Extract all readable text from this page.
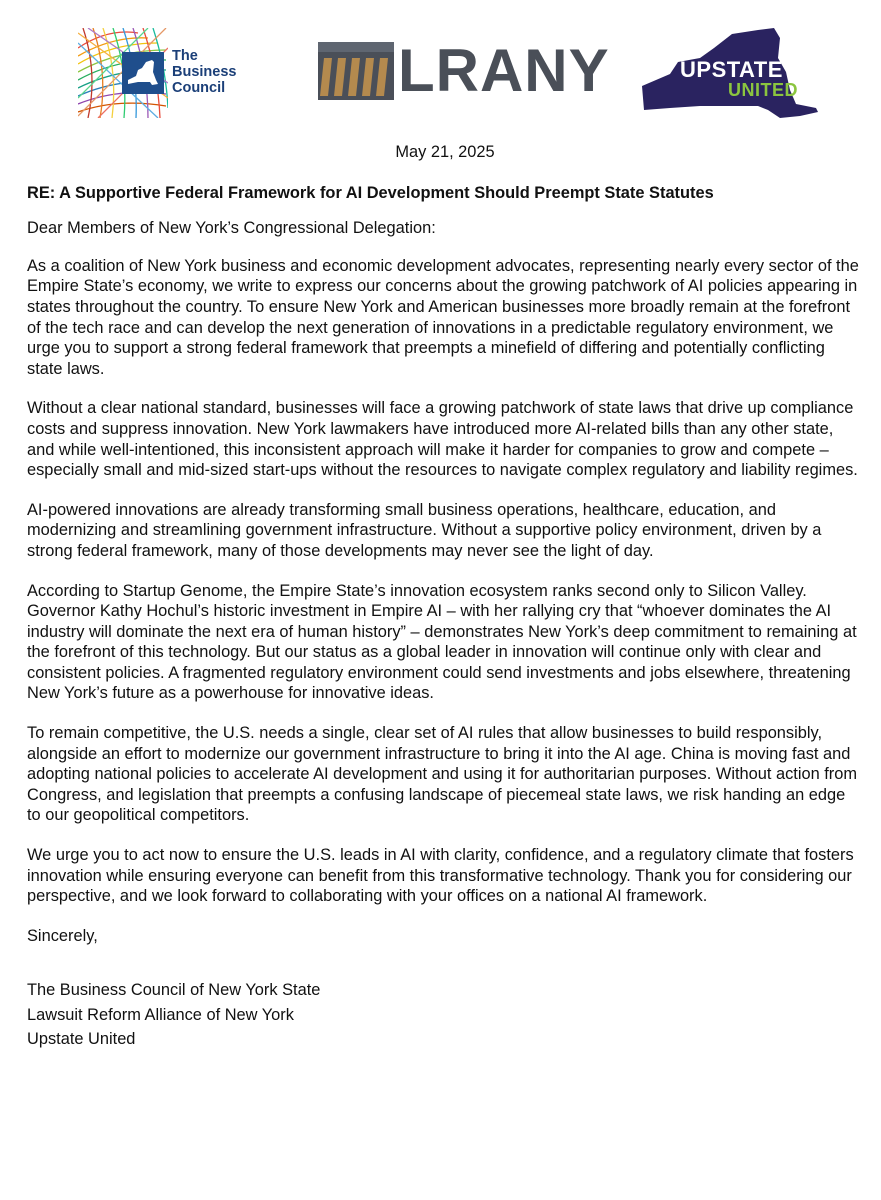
The
Business
Council	LRANY	UPSTATE
UNITED
May 21, 2025
RE: A Supportive Federal Framework for AI Development Should Preempt State Statutes
Dear Members of New York’s Congressional Delegation:
As a coalition of New York business and economic development advocates, representing nearly every sector of the Empire State’s economy, we write to express our concerns about the growing patchwork of AI policies appearing in states throughout the country. To ensure New York and American businesses more broadly remain at the forefront of the tech race and can develop the next generation of innovations in a predictable regulatory environment, we urge you to support a strong federal framework that preempts a minefield of differing and potentially conflicting state laws.
Without a clear national standard, businesses will face a growing patchwork of state laws that drive up compliance costs and suppress innovation. New York lawmakers have introduced more AI-related bills than any other state, and while well-intentioned, this inconsistent approach will make it harder for companies to grow and compete – especially small and mid-sized start-ups without the resources to navigate complex regulatory and liability regimes.
AI-powered innovations are already transforming small business operations, healthcare, education, and modernizing and streamlining government infrastructure. Without a supportive policy environment, driven by a strong federal framework, many of those developments may never see the light of day.
According to Startup Genome, the Empire State’s innovation ecosystem ranks second only to Silicon Valley. Governor Kathy Hochul’s historic investment in Empire AI – with her rallying cry that “whoever dominates the AI industry will dominate the next era of human history” – demonstrates New York’s deep commitment to remaining at the forefront of this technology. But our status as a global leader in innovation will continue only with clear and consistent policies. A fragmented regulatory environment could send investments and jobs elsewhere, threatening New York’s future as a powerhouse for innovative ideas.
To remain competitive, the U.S. needs a single, clear set of AI rules that allow businesses to build responsibly, alongside an effort to modernize our government infrastructure to bring it into the AI age. China is moving fast and adopting national policies to accelerate AI development and using it for authoritarian purposes. Without action from Congress, and legislation that preempts a confusing landscape of piecemeal state laws, we risk handing an edge to our geopolitical competitors.
We urge you to act now to ensure the U.S. leads in AI with clarity, confidence, and a regulatory climate that fosters innovation while ensuring everyone can benefit from this transformative technology. Thank you for considering our perspective, and we look forward to collaborating with your offices on a national AI framework.
Sincerely,
The Business Council of New York State
Lawsuit Reform Alliance of New York
Upstate United
